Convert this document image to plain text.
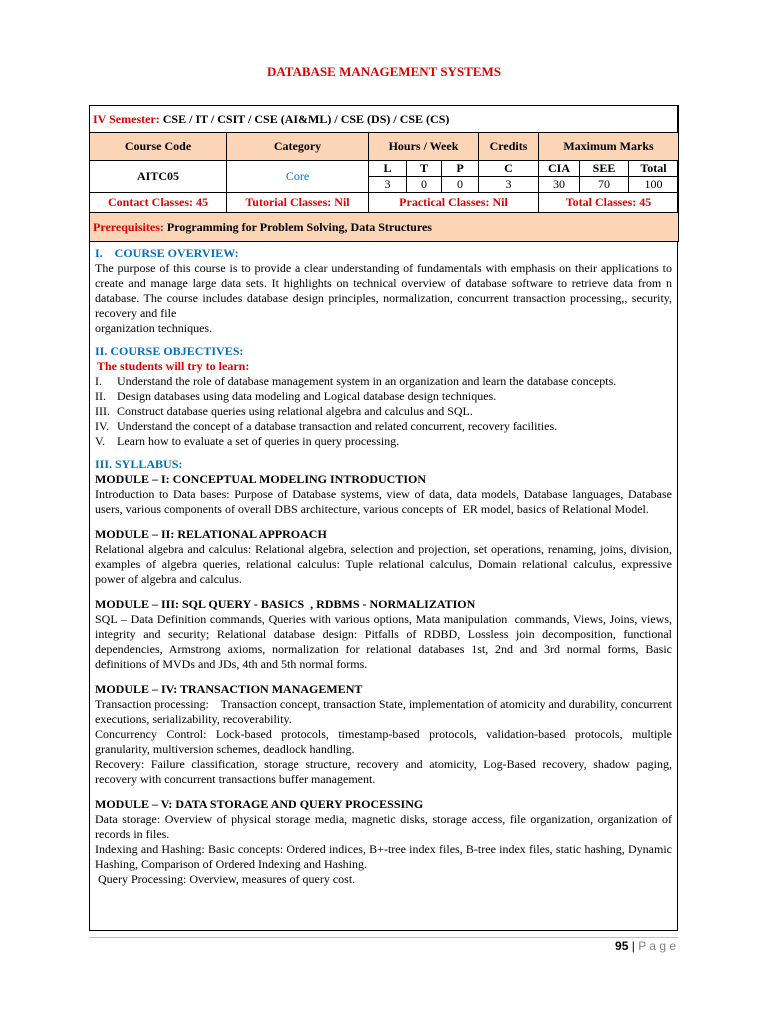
DATABASE MANAGEMENT SYSTEMS
IV Semester: CSE / IT / CSIT / CSE (AI&ML) / CSE (DS) / CSE (CS)								
Course Code	Category	Hours / Week			Credits	Maximum Marks		
AITC05	Core	L	T	P	C	CIA	SEE	Total
		3	0	0	3	30	70	100
Contact Classes: 45	Tutorial Classes: Nil	Practical Classes: Nil				Total Classes: 45		
Prerequisites: Programming for Problem Solving, Data Structures								

I.    COURSE OVERVIEW:

The purpose of this course is to provide a clear understanding of fundamentals with emphasis on their applications to create and manage large data sets. It highlights on technical overview of database software to retrieve data from n database. The course includes database design principles, normalization, concurrent transaction processing,, security, recovery and file

organization techniques.

II. COURSE OBJECTIVES:

The students will try to learn:

I.	Understand the role of database management system in an organization and learn the database concepts.
II. Design databases using data modeling and Logical database design techniques.
III. Construct database queries using relational algebra and calculus and SQL.
IV. Understand the concept of a database transaction and related concurrent, recovery facilities.
V. Learn how to evaluate a set of queries in query processing.

III. SYLLABUS:

MODULE – I: CONCEPTUAL MODELING INTRODUCTION

Introduction to Data bases: Purpose of Database systems, view of data, data models, Database languages, Database users, various components of overall DBS architecture, various concepts of  ER model, basics of Relational Model.

MODULE – II: RELATIONAL APPROACH

Relational algebra and calculus: Relational algebra, selection and projection, set operations, renaming, joins, division, examples of algebra queries, relational calculus: Tuple relational calculus, Domain relational calculus, expressive power of algebra and calculus.

MODULE – III: SQL QUERY - BASICS  , RDBMS - NORMALIZATION

SQL – Data Definition commands, Queries with various options, Mata manipulation  commands, Views, Joins, views, integrity and security; Relational database design: Pitfalls of RDBD, Lossless join decomposition, functional dependencies, Armstrong axioms, normalization for relational databases 1st, 2nd and 3rd normal forms, Basic definitions of MVDs and JDs, 4th and 5th normal forms.

MODULE – IV: TRANSACTION MANAGEMENT

Transaction processing:    Transaction concept, transaction State, implementation of atomicity and durability, concurrent executions, serializability, recoverability.

Concurrency Control: Lock-based protocols, timestamp-based protocols, validation-based protocols, multiple granularity, multiversion schemes, deadlock handling.

Recovery: Failure classification, storage structure, recovery and atomicity, Log-Based recovery, shadow paging, recovery with concurrent transactions buffer management.

MODULE – V: DATA STORAGE AND QUERY PROCESSING

Data storage: Overview of physical storage media, magnetic disks, storage access, file organization, organization of records in files.

Indexing and Hashing: Basic concepts: Ordered indices, B+-tree index files, B-tree index files, static hashing, Dynamic Hashing, Comparison of Ordered Indexing and Hashing.

Query Processing: Overview, measures of query cost.

95 | P a g e
